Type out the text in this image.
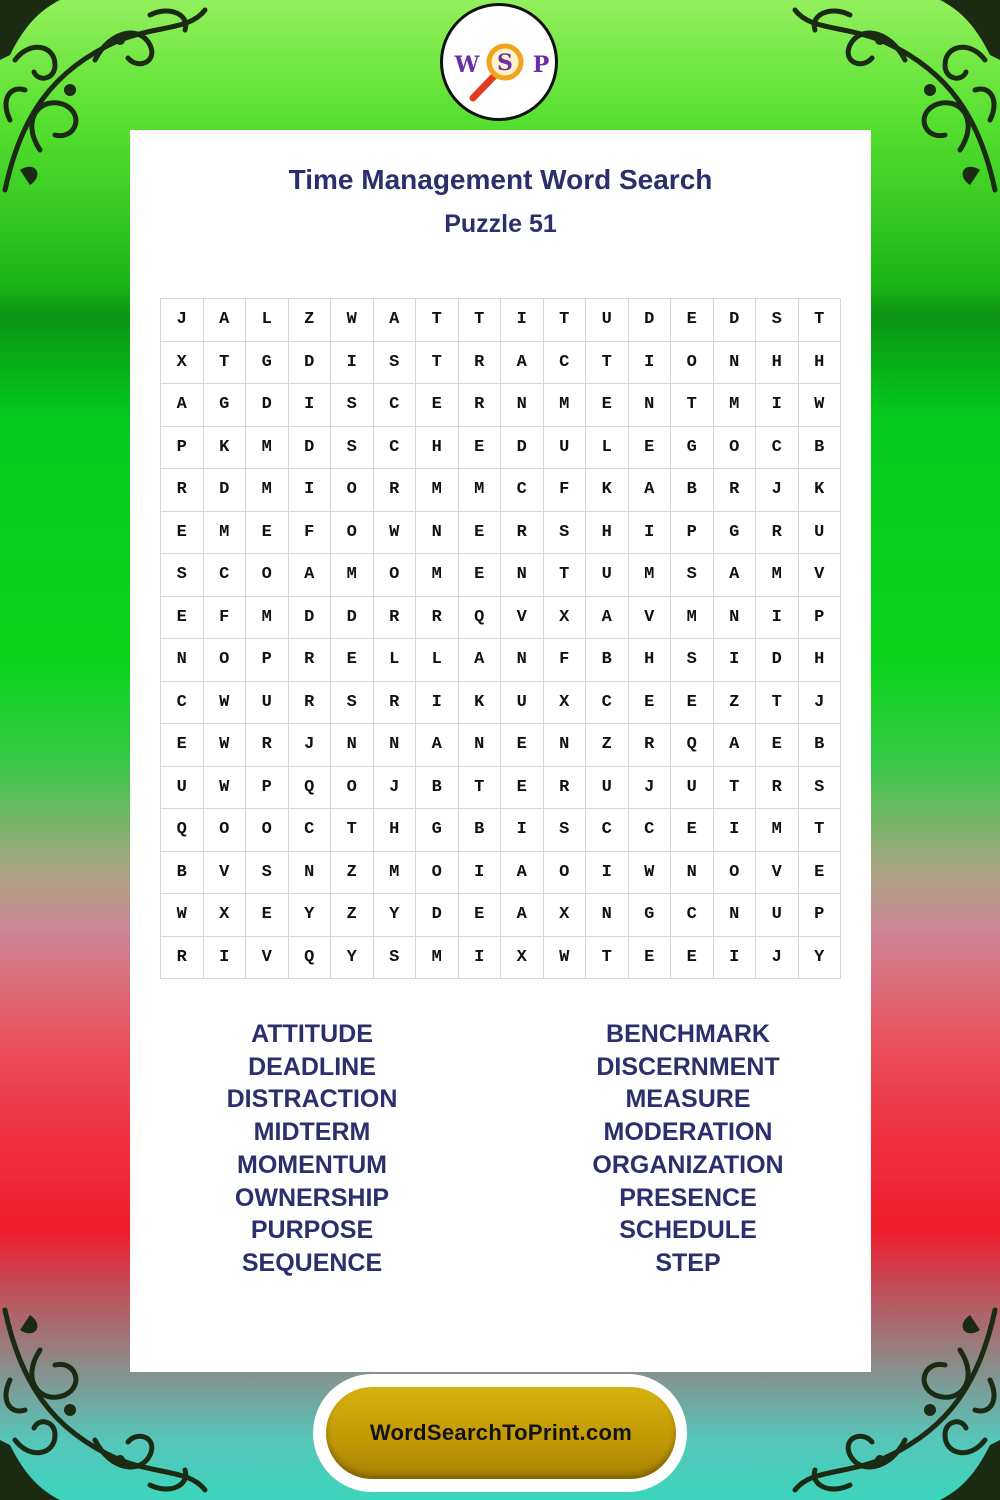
S
W P
Time Management Word Search
Puzzle 51
J	A	L	Z	W	A	T	T	I	T	U	D	E	D	S	T
X	T	G	D	I	S	T	R	A	C	T	I	O	N	H	H
A	G	D	I	S	C	E	R	N	M	E	N	T	M	I	W
P	K	M	D	S	C	H	E	D	U	L	E	G	O	C	B
R	D	M	I	O	R	M	M	C	F	K	A	B	R	J	K
E	M	E	F	O	W	N	E	R	S	H	I	P	G	R	U
S	C	O	A	M	O	M	E	N	T	U	M	S	A	M	V
E	F	M	D	D	R	R	Q	V	X	A	V	M	N	I	P
N	O	P	R	E	L	L	A	N	F	B	H	S	I	D	H
C	W	U	R	S	R	I	K	U	X	C	E	E	Z	T	J
E	W	R	J	N	N	A	N	E	N	Z	R	Q	A	E	B
U	W	P	Q	O	J	B	T	E	R	U	J	U	T	R	S
Q	O	O	C	T	H	G	B	I	S	C	C	E	I	M	T
B	V	S	N	Z	M	O	I	A	O	I	W	N	O	V	E
W	X	E	Y	Z	Y	D	E	A	X	N	G	C	N	U	P
R	I	V	Q	Y	S	M	I	X	W	T	E	E	I	J	Y
ATTITUDE
DEADLINE
DISTRACTION
MIDTERM
MOMENTUM
OWNERSHIP
PURPOSE
SEQUENCE
BENCHMARK
DISCERNMENT
MEASURE
MODERATION
ORGANIZATION
PRESENCE
SCHEDULE
STEP
WordSearchToPrint.com
